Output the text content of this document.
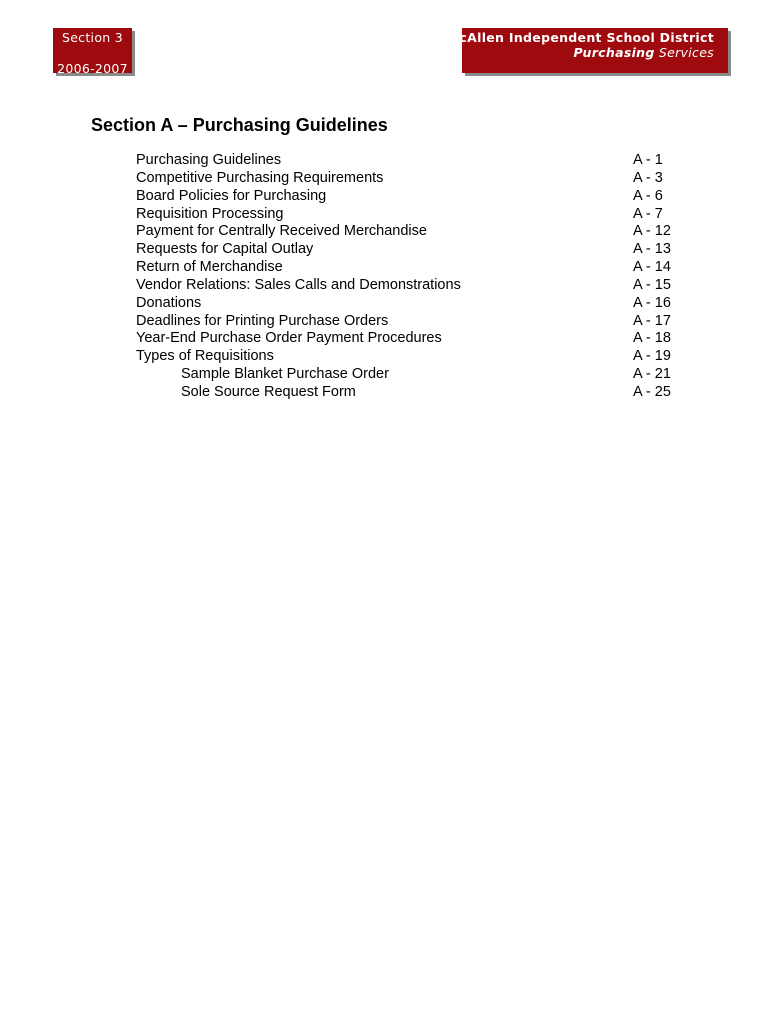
Section 3
2006-2007
McAllen Independent School District
Purchasing Services
Section A – Purchasing Guidelines
Purchasing Guidelines	A - 1
Competitive Purchasing Requirements	A - 3
Board Policies for Purchasing	A - 6
Requisition Processing	A - 7
Payment for Centrally Received Merchandise	A - 12
Requests for Capital Outlay	A - 13
Return of Merchandise	A - 14
Vendor Relations: Sales Calls and Demonstrations	A - 15
Donations	A - 16
Deadlines for Printing Purchase Orders	A - 17
Year-End Purchase Order Payment Procedures	A - 18
Types of Requisitions	A - 19
Sample Blanket Purchase Order	A - 21
Sole Source Request Form	A - 25
